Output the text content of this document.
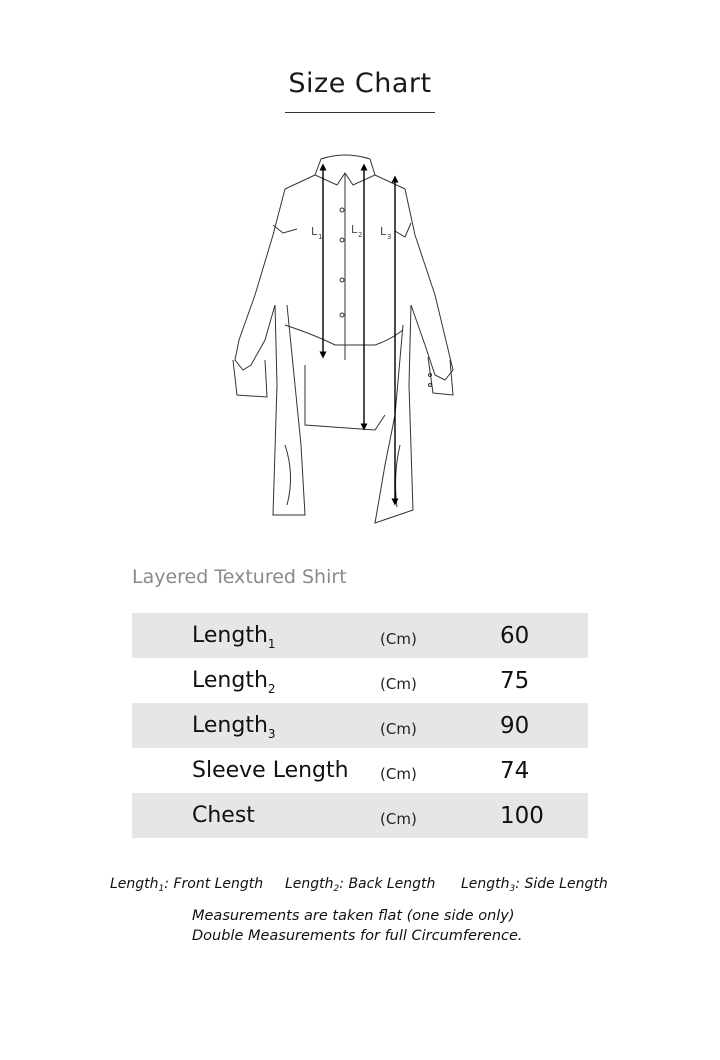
Size Chart
L 1
L 2 L 3
Layered Textured Shirt
Length$_1$	(Cm)	60
Length$_2$	(Cm)	75
Length$_3$	(Cm)	90
Sleeve Length (Cm)	74
Chest	(Cm)	100
Length$_1$: Front Length Length$_2$: Back Length Length$_3$: Side Length
Measurements are taken flat (one side only)
Double Measurements for full Circumference.
